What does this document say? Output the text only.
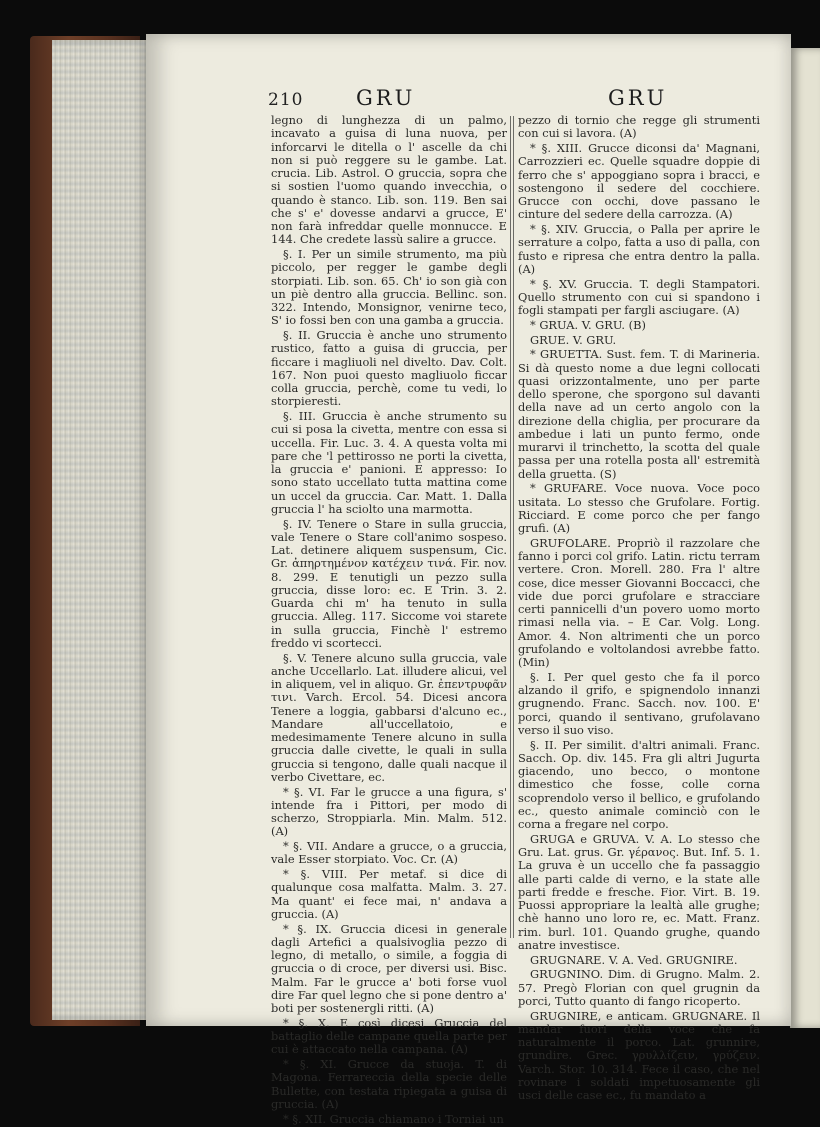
210	GRU	GRU

legno di lunghezza di un palmo, incavato a guisa di luna nuova, per inforcarvi le ditella o l' ascelle da chi non si può reggere su le gambe. Lat. crucia. Lib. Astrol. O gruccia, sopra che si sostien l'uomo quando invecchia, o quando è stanco. Lib. son. 119. Ben sai che s' e' dovesse andarvi a grucce, E' non farà infreddar quelle monnucce. E 144. Che credete lassù salire a grucce.

§. I. Per un simile strumento, ma più piccolo, per regger le gambe degli storpiati. Lib. son. 65. Ch' io son già con un piè dentro alla gruccia. Bellinc. son. 322. Intendo, Monsignor, venirne teco, S' io fossi ben con una gamba a gruccia.

§. II. Gruccia è anche uno strumento rustico, fatto a guisa di gruccia, per ficcare i magliuoli nel divelto. Dav. Colt. 167. Non puoi questo magliuolo ficcar colla gruccia, perchè, come tu vedi, lo storpieresti.

§. III. Gruccia è anche strumento su cui si posa la civetta, mentre con essa si uccella. Fir. Luc. 3. 4. A questa volta mi pare che 'l pettirosso ne porti la civetta, la gruccia e' panioni. E appresso: Io sono stato uccellato tutta mattina come un uccel da gruccia. Car. Matt. 1. Dalla gruccia l' ha sciolto una marmotta.

§. IV. Tenere o Stare in sulla gruccia, vale Tenere o Stare coll'animo sospeso. Lat. detinere aliquem suspensum, Cic. Gr. ἀπηρτημένον κατέχειν τινά. Fir. nov. 8. 299. E tenutigli un pezzo sulla gruccia, disse loro: ec. E Trin. 3. 2. Guarda chi m' ha tenuto in sulla gruccia. Alleg. 117. Siccome voi starete in sulla gruccia, Finchè l' estremo freddo vi scortecci.

§. V. Tenere alcuno sulla gruccia, vale anche Uccellarlo. Lat. illudere alicui, vel in aliquem, vel in aliquo. Gr. ἐπεντρυφᾶν τινι. Varch. Ercol. 54. Dicesi ancora Tenere a loggia, gabbarsi d'alcuno ec., Mandare all'uccellatoio, e medesimamente Tenere alcuno in sulla gruccia dalle civette, le quali in sulla gruccia si tengono, dalle quali nacque il verbo Civettare, ec.

* §. VI. Far le grucce a una figura, s' intende fra i Pittori, per modo di scherzo, Stroppiarla. Min. Malm. 512. (A)

* §. VII. Andare a grucce, o a gruccia, vale Esser storpiato. Voc. Cr. (A)

* §. VIII. Per metaf. si dice di qualunque cosa malfatta. Malm. 3. 27. Ma quant' ei fece mai, n' andava a gruccia. (A)

* §. IX. Gruccia dicesi in generale dagli Artefici a qualsivoglia pezzo di legno, di metallo, o simile, a foggia di gruccia o di croce, per diversi usi. Bisc. Malm. Far le grucce a' boti forse vuol dire Far quel legno che si pone dentro a' boti per sostenergli ritti. (A)

* §. X. E così dicesi Gruccia del battaglio delle campane quella parte per cui è attaccato nella campana. (A)

* §. XI. Grucce da stuoja. T. di Magona. Ferrareccia della specie delle Bullette, con testata ripiegata a guisa di gruccia. (A)

* §. XII. Gruccia chiamano i Torniai un

pezzo di tornio che regge gli strumenti con cui si lavora. (A)

* §. XIII. Grucce diconsi da' Magnani, Carrozzieri ec. Quelle squadre doppie di ferro che s' appoggiano sopra i bracci, e sostengono il sedere del cocchiere. Grucce con occhi, dove passano le cinture del sedere della carrozza. (A)

* §. XIV. Gruccia, o Palla per aprire le serrature a colpo, fatta a uso di palla, con fusto e ripresa che entra dentro la palla. (A)

* §. XV. Gruccia. T. degli Stampatori. Quello strumento con cui si spandono i fogli stampati per fargli asciugare. (A)

* GRUA. V. GRU. (B)

GRUE. V. GRU.

* GRUETTA. Sust. fem. T. di Marineria. Si dà questo nome a due legni collocati quasi orizzontalmente, uno per parte dello sperone, che sporgono sul davanti della nave ad un certo angolo con la direzione della chiglia, per procurare da ambedue i lati un punto fermo, onde murarvi il trinchetto, la scotta del quale passa per una rotella posta all' estremità della gruetta. (S)

* GRUFARE. Voce nuova. Voce poco usitata. Lo stesso che Grufolare. Fortig. Ricciard. E come porco che per fango grufi. (A)

GRUFOLARE. Propriò il razzolare che fanno i porci col grifo. Latin. rictu terram vertere. Cron. Morell. 280. Fra l' altre cose, dice messer Giovanni Boccacci, che vide due porci grufolare e stracciare certi pannicelli d'un povero uomo morto rimasi nella via. – E Car. Volg. Long. Amor. 4. Non altrimenti che un porco grufolando e voltolandosi avrebbe fatto. (Min)

§. I. Per quel gesto che fa il porco alzando il grifo, e spignendolo innanzi grugnendo. Franc. Sacch. nov. 100. E' porci, quando il sentivano, grufolavano verso il suo viso.

§. II. Per similit. d'altri animali. Franc. Sacch. Op. div. 145. Fra gli altri Jugurta giacendo, uno becco, o montone dimestico che fosse, colle corna scoprendolo verso il bellico, e grufolando ec., questo animale cominciò con le corna a fregare nel corpo.

GRUGA e GRUVA. V. A. Lo stesso che Gru. Lat. grus. Gr. γέρανος. But. Inf. 5. 1. La gruva è un uccello che fa passaggio alle parti calde di verno, e la state alle parti fredde e fresche. Fior. Virt. B. 19. Puossi appropriare la lealtà alle grughe; chè hanno uno loro re, ec. Matt. Franz. rim. burl. 101. Quando grughe, quando anatre investisce.

GRUGNARE. V. A. Ved. GRUGNIRE.

GRUGNINO. Dim. di Grugno. Malm. 2. 57. Pregò Florian con quel grugnin da porci, Tutto quanto di fango ricoperto.

GRUGNIRE, e anticam. GRUGNARE. Il mandar fuori della voce che fa naturalmente il porco. Lat. grunnire, grundire. Grec. γρυλλίζειν, γρύζειν. Varch. Stor. 10. 314. Fece il caso, che nel rovinare i soldati impetuosamente gli usci delle case ec., fu mandato a
